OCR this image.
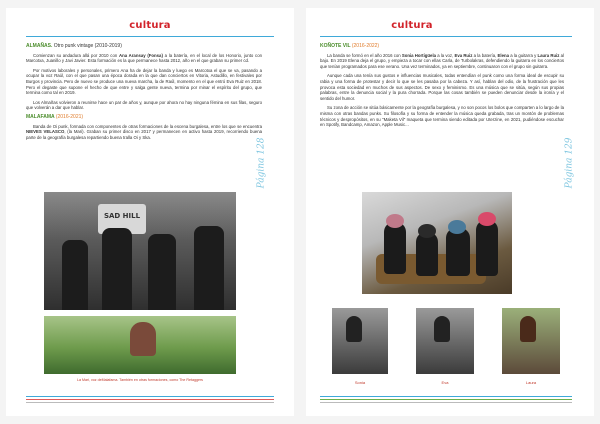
cultura
ALMAÑAS. Otro punk vintage (2010-2019)

Comienzan su andadura allá por 2010 con Ana Aransay (Fonsa) a la batería, en el local de los Honorio, junto con Marcotxa, Juanillo y Javi Javier. Esta formación es la que permanece hasta 2012, año en el que graban su primer cd.

Por motivos laborales y personales, primero Ana ha de dejar la banda y luego es Marcotxa el que se va, pasando a ocupar la voz Raúl, con el que pasan una época dorada en la que dan conciertos en Vitoria, Astudillo, en festivales por Burgos y provincia. Pero de nuevo se produce una nueva marcha, la de Raúl, momento en el que entró Eva Ruiz en 2018. Pero el degaste que supone el hecho de que entre y salga gente nueva, termina por minar el espíritu del grupo, que termina como tal en 2019.

Los Almañas volvieron a reunirse hace un par de años y, aunque por ahora no hay ninguna fémina en sus filas, seguro que volverán a dar que hablar.

MALAFAMA (2016-2021)

Banda de Oi punk, formada con componentes de otras formaciones de la escena burgalesa, entre los que se encuentra NIEVES VELASCO, (la Mari). Graban su primer disco en 2017 y permanecen en activo hasta 2019, recorriendo buena parte de la geografía burgalesa repartiendo buena tralla Oi y Ska.

Página 128
SAD HILL
La Mari, voz deMalafama. También en otras formaciones, como The Retaggers
cultura
KOÑOTE VIL (2016-2022)

La banda se formó en el año 2016 con Sonia Hortigüela a la voz, Eva Ruiz a la batería, Elena a la guitarra y Laura Ruiz al bajo. En 2019 Elena deja el grupo, y empieza a tocar con ellas Carla, de Turbolakras, defendiendo la guitarra en los conciertos que tenían programados para ese verano. Una vez terminados, ya en septiembre, continuaron con el grupo sin guitarra.

Aunque cada una tenía sus gustos e influencias musicales, todas entendían el punk como una forma ideal de escupir su rabia y una forma de protestar y decir lo que se les pasaba por la cabeza. Y así, hablan del odio, de la frustración que les provoca esta sociedad en muchos de sus aspectos. De sexo y feminismo. Es una música que se sitúa, según sus propias palabras, entre la denuncia social y la pura chorrada. Porque las cosas también se pueden denunciar desde la ironía y el sentido del humor.

Su zona de acción se sitúa básicamente por la geografía burgalesa, y no son pocos los bolos que comparten a lo largo de la misma con otras bandas punks. Su filosofía y su forma de entender la música queda grabada, tras un montón de problemas técnicos y despropósitos, en su "Maketa Vil" maqueta que termina siendo editada por Uterzine, en 2021, pudiéndose escuchar en Spotify, Bandcamp, Amazon, Apple Music...

Página 129
Sonia	Eva	Laura
